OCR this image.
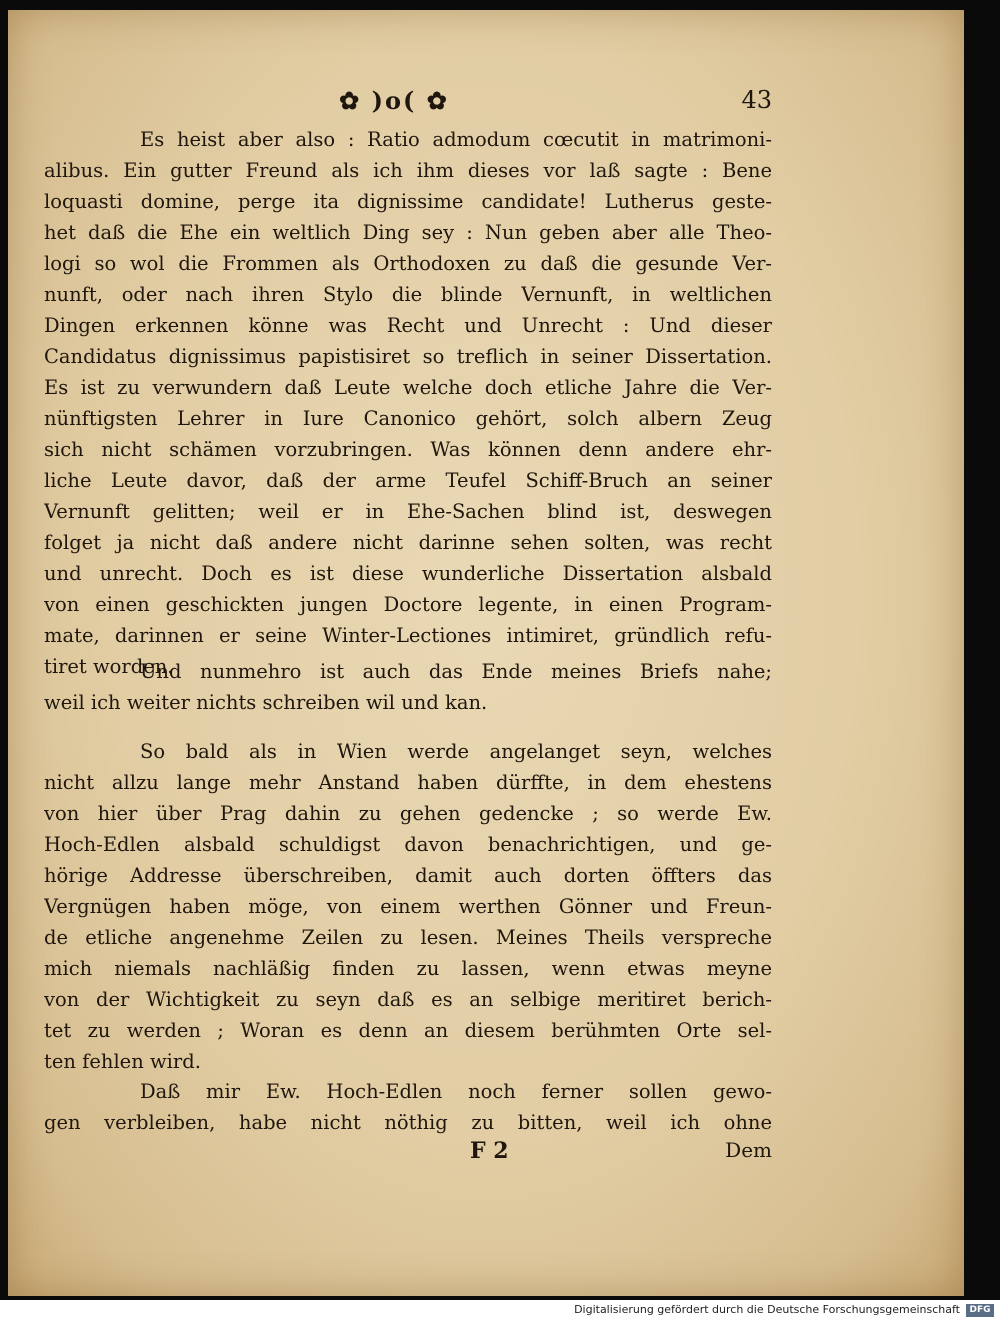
✿ )o( ✿	43
Es heist aber also : Ratio admodum cœcutit in matrimoni-
alibus. Ein gutter Freund als ich ihm dieses vor laß sagte : Bene
loquasti domine, perge ita dignissime candidate! Lutherus geste-
het daß die Ehe ein weltlich Ding sey : Nun geben aber alle Theo-
logi so wol die Frommen als Orthodoxen zu daß die gesunde Ver-
nunft, oder nach ihren Stylo die blinde Vernunft, in weltlichen
Dingen erkennen könne was Recht und Unrecht : Und dieser
Candidatus dignissimus papistisiret so treflich in seiner Dissertation.
Es ist zu verwundern daß Leute welche doch etliche Jahre die Ver-
nünftigsten Lehrer in Iure Canonico gehört, solch albern Zeug
sich nicht schämen vorzubringen. Was können denn andere ehr-
liche Leute davor, daß der arme Teufel Schiff-Bruch an seiner
Vernunft gelitten; weil er in Ehe-Sachen blind ist, deswegen
folget ja nicht daß andere nicht darinne sehen solten, was recht
und unrecht. Doch es ist diese wunderliche Dissertation alsbald
von einen geschickten jungen Doctore legente, in einen Program-
mate, darinnen er seine Winter-Lectiones intimiret, gründlich refu-
tiret worden.
Und nunmehro ist auch das Ende meines Briefs nahe;
weil ich weiter nichts schreiben wil und kan.
So bald als in Wien werde angelanget seyn, welches
nicht allzu lange mehr Anstand haben dürffte, in dem ehestens
von hier über Prag dahin zu gehen gedencke ; so werde Ew.
Hoch-Edlen alsbald schuldigst davon benachrichtigen, und ge-
hörige Addresse überschreiben, damit auch dorten öffters das
Vergnügen haben möge, von einem werthen Gönner und Freun-
de etliche angenehme Zeilen zu lesen. Meines Theils verspreche
mich niemals nachläßig finden zu lassen, wenn etwas meyne
von der Wichtigkeit zu seyn daß es an selbige meritiret berich-
tet zu werden ; Woran es denn an diesem berühmten Orte sel-
ten fehlen wird.
Daß mir Ew. Hoch-Edlen noch ferner sollen gewo-
gen verbleiben, habe nicht nöthig zu bitten, weil ich ohne
F 2	Dem
Digitalisierung gefördert durch die Deutsche Forschungsgemeinschaft	DFG
